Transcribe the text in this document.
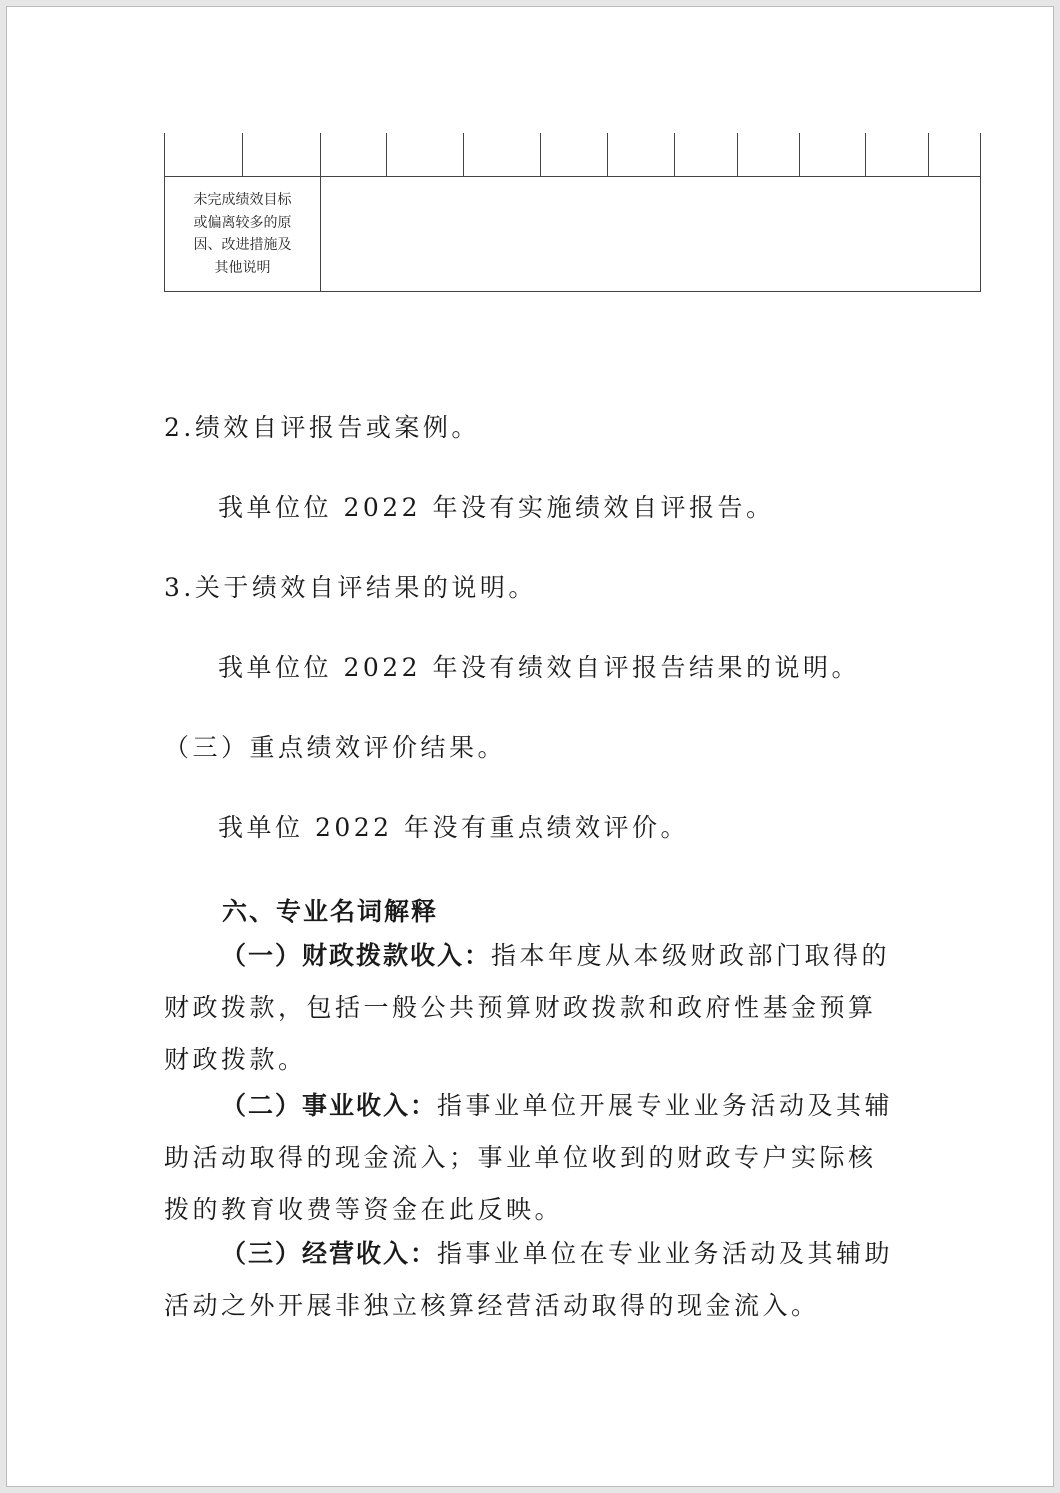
未完成绩效目标
或偏离较多的原
因、改进措施及
其他说明											
2.绩效自评报告或案例。
我单位位 2022 年没有实施绩效自评报告。
3.关于绩效自评结果的说明。
我单位位 2022 年没有绩效自评报告结果的说明。
（三）重点绩效评价结果。
我单位 2022 年没有重点绩效评价。
六、专业名词解释

（一）财政拨款收入：指本年度从本级财政部门取得的财政拨款，包括一般公共预算财政拨款和政府性基金预算财政拨款。

（二）事业收入：指事业单位开展专业业务活动及其辅助活动取得的现金流入；事业单位收到的财政专户实际核拨的教育收费等资金在此反映。

（三）经营收入：指事业单位在专业业务活动及其辅助活动之外开展非独立核算经营活动取得的现金流入。
